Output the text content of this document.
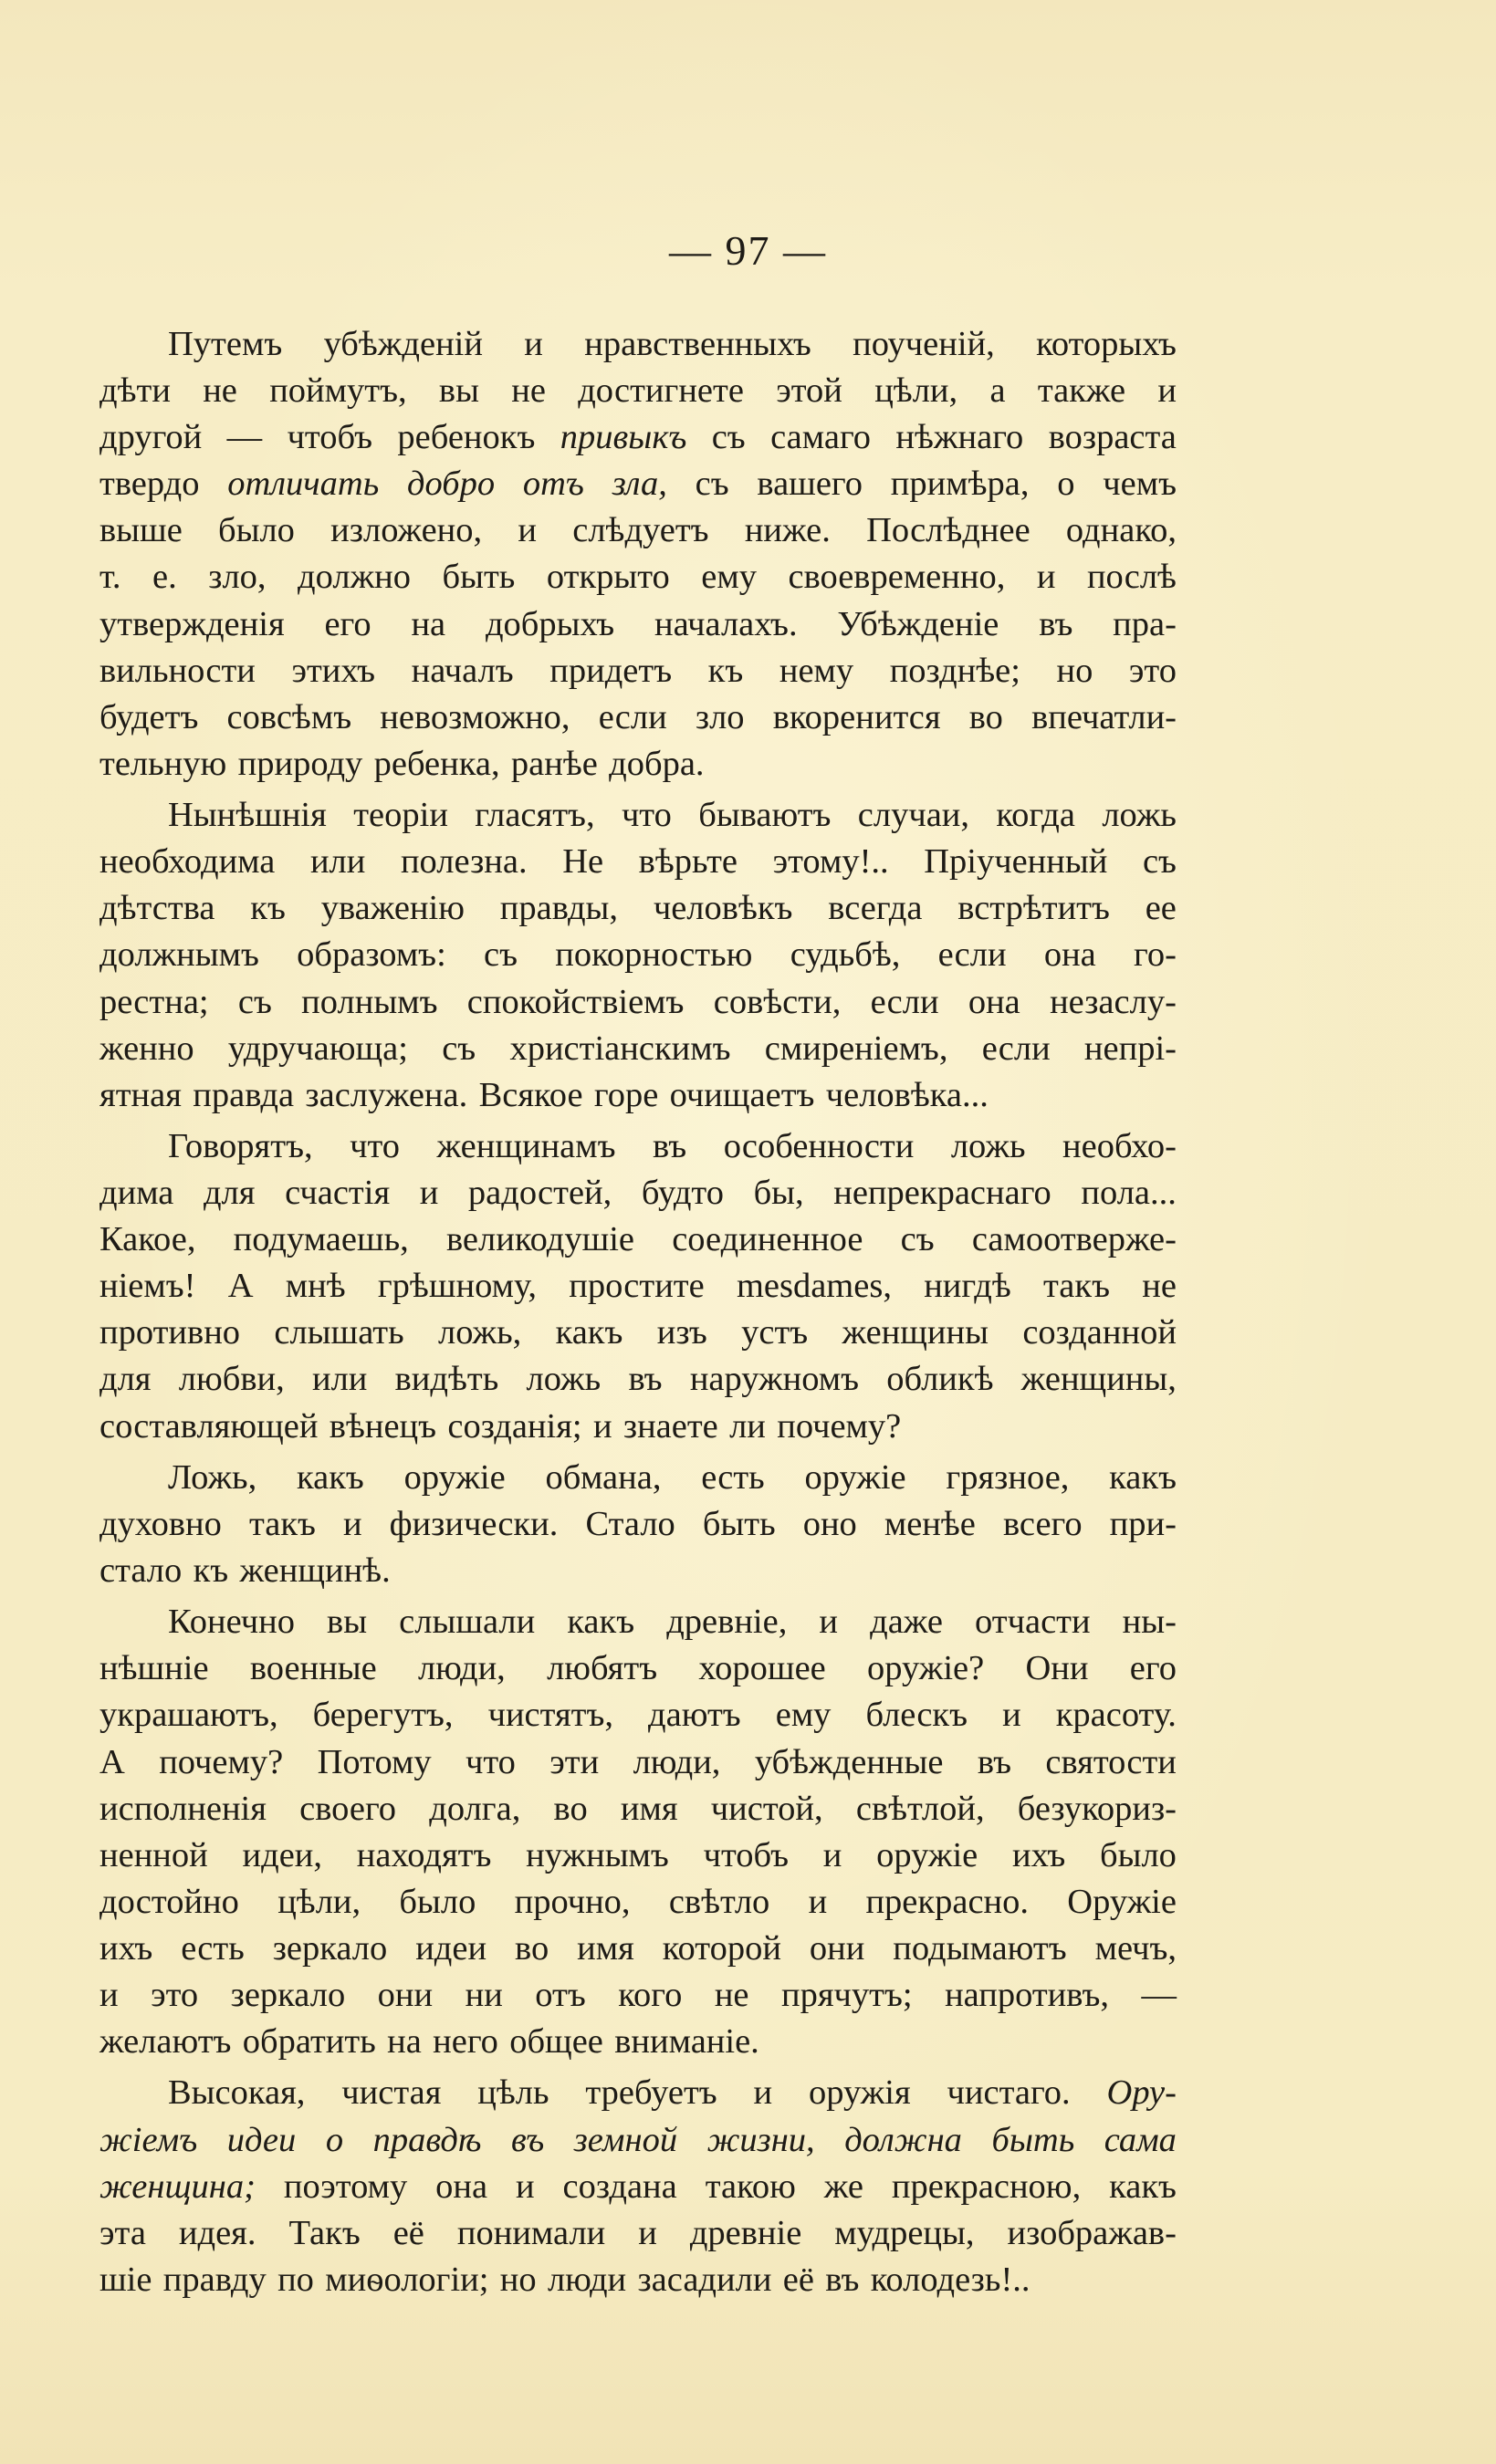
— 97 —
Путемъ убѣжденій и нравственныхъ поученій, которыхъ
дѣти не поймутъ, вы не достигнете этой цѣли, а также и
другой — чтобъ ребенокъ привыкъ съ самаго нѣжнаго возраста
твердо отличать добро отъ зла, съ вашего примѣра, о чемъ
выше было изложено, и слѣдуетъ ниже. Послѣднее однако,
т. е. зло, должно быть открыто ему своевременно, и послѣ
утвержденія его на добрыхъ началахъ. Убѣжденіе въ пра-
вильности этихъ началъ придетъ къ нему позднѣе; но это
будетъ совсѣмъ невозможно, если зло вкоренится во впечатли-
тельную природу ребенка, ранѣе добра.
Нынѣшнія теоріи гласятъ, что бываютъ случаи, когда ложь
необходима или полезна. Не вѣрьте этому!.. Пріученный съ
дѣтства къ уваженію правды, человѣкъ всегда встрѣтитъ ее
должнымъ образомъ: съ покорностью судьбѣ, если она го-
рестна; съ полнымъ спокойствіемъ совѣсти, если она незаслу-
женно удручающа; съ христіанскимъ смиреніемъ, если непрі-
ятная правда заслужена. Всякое горе очищаетъ человѣка...
Говорятъ, что женщинамъ въ особенности ложь необхо-
дима для счастія и радостей, будто бы, непрекраснаго пола...
Какое, подумаешь, великодушіе соединенное съ самоотверже-
ніемъ! А мнѣ грѣшному, простите mesdames, нигдѣ такъ не
противно слышать ложь, какъ изъ устъ женщины созданной
для любви, или видѣть ложь въ наружномъ обликѣ женщины,
составляющей вѣнецъ созданія; и знаете ли почему?
Ложь, какъ оружіе обмана, есть оружіе грязное, какъ
духовно такъ и физически. Стало быть оно менѣе всего при-
стало къ женщинѣ.
Конечно вы слышали какъ древніе, и даже отчасти ны-
нѣшніе военные люди, любятъ хорошее оружіе? Они его
украшаютъ, берегутъ, чистятъ, даютъ ему блескъ и красоту.
А почему? Потому что эти люди, убѣжденные въ святости
исполненія своего долга, во имя чистой, свѣтлой, безукориз-
ненной идеи, находятъ нужнымъ чтобъ и оружіе ихъ было
достойно цѣли, было прочно, свѣтло и прекрасно. Оружіе
ихъ есть зеркало идеи во имя которой они подымаютъ мечъ,
и это зеркало они ни отъ кого не прячутъ; напротивъ, —
желаютъ обратить на него общее вниманіе.
Высокая, чистая цѣль требуетъ и оружія чистаго. Ору-
жіемъ идеи о правдѣ въ земной жизни, должна быть сама
женщина; поэтому она и создана такою же прекрасною, какъ
эта идея. Такъ её понимали и древніе мудрецы, изображав-
шіе правду по миѳологіи; но люди засадили её въ колодезь!..
